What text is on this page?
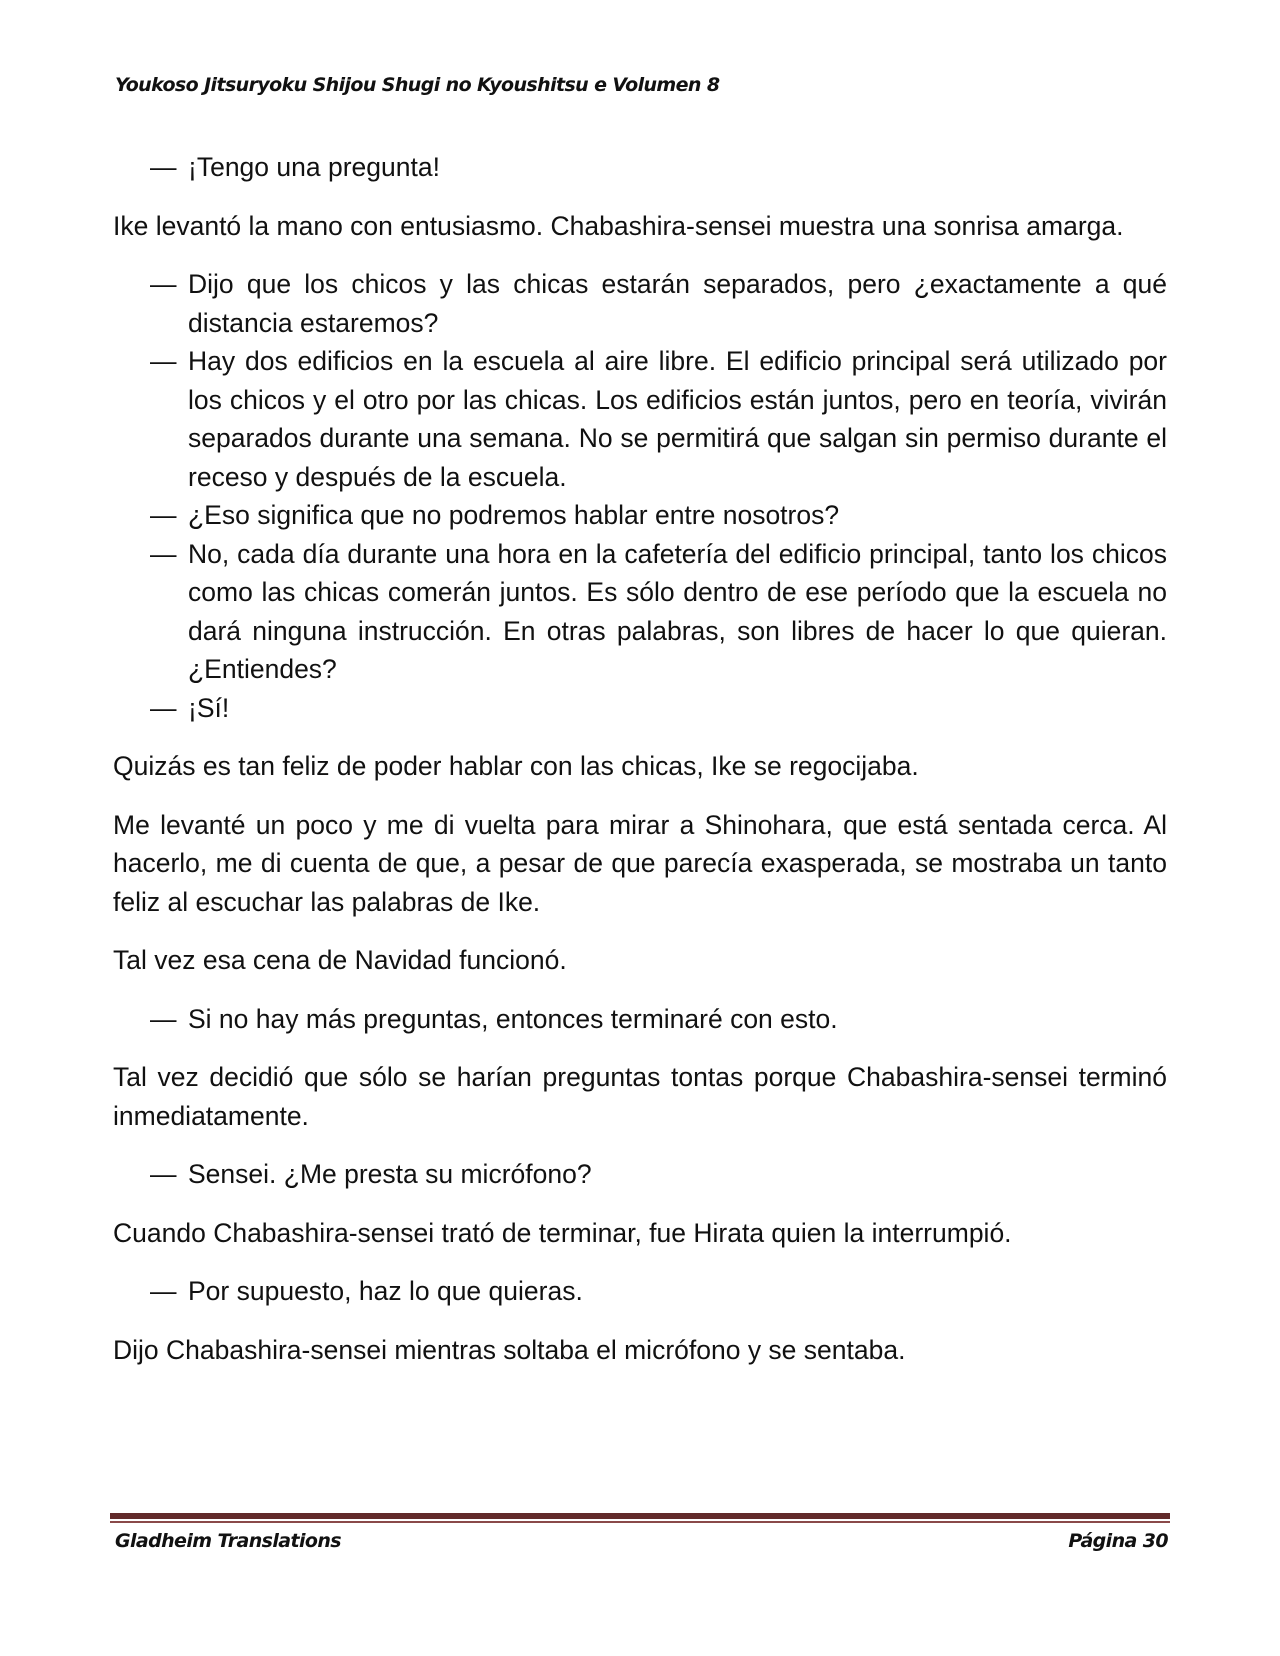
Youkoso Jitsuryoku Shijou Shugi no Kyoushitsu e Volumen 8

— ¡Tengo una pregunta!

Ike levantó la mano con entusiasmo. Chabashira-sensei muestra una sonrisa amarga.

— Dijo que los chicos y las chicas estarán separados, pero ¿exactamente a qué distancia estaremos?

— Hay dos edificios en la escuela al aire libre. El edificio principal será utilizado por los chicos y el otro por las chicas. Los edificios están juntos, pero en teoría, vivirán separados durante una semana. No se permitirá que salgan sin permiso durante el receso y después de la escuela.

— ¿Eso significa que no podremos hablar entre nosotros?

— No, cada día durante una hora en la cafetería del edificio principal, tanto los chicos como las chicas comerán juntos. Es sólo dentro de ese período que la escuela no dará ninguna instrucción. En otras palabras, son libres de hacer lo que quieran. ¿Entiendes?

— ¡Sí!

Quizás es tan feliz de poder hablar con las chicas, Ike se regocijaba.

Me levanté un poco y me di vuelta para mirar a Shinohara, que está sentada cerca. Al hacerlo, me di cuenta de que, a pesar de que parecía exasperada, se mostraba un tanto feliz al escuchar las palabras de Ike.

Tal vez esa cena de Navidad funcionó.

— Si no hay más preguntas, entonces terminaré con esto.

Tal vez decidió que sólo se harían preguntas tontas porque Chabashira-sensei terminó inmediatamente.

— Sensei. ¿Me presta su micrófono?

Cuando Chabashira-sensei trató de terminar, fue Hirata quien la interrumpió.

— Por supuesto, haz lo que quieras.

Dijo Chabashira-sensei mientras soltaba el micrófono y se sentaba.

Gladheim Translations	Página 30
